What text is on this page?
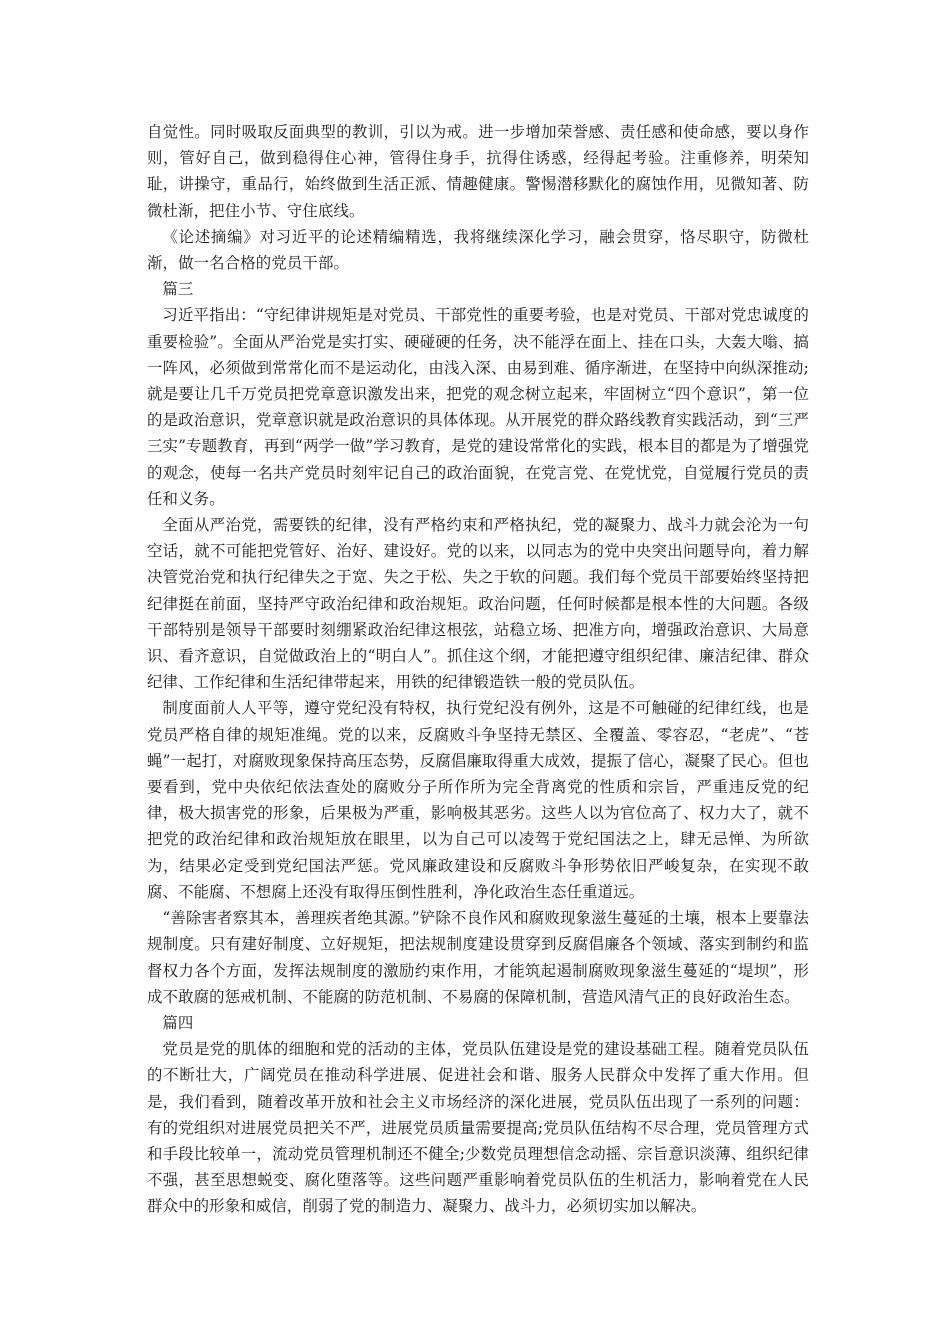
自觉性。同时吸取反面典型的教训，引以为戒。进一步增加荣誉感、责任感和使命感，要以身作则，管好自己，做到稳得住心神，管得住身手，抗得住诱惑，经得起考验。注重修养，明荣知耻，讲操守，重品行，始终做到生活正派、情趣健康。警惕潜移默化的腐蚀作用，见微知著、防微杜渐，把住小节、守住底线。

《论述摘编》对习近平的论述精编精选，我将继续深化学习，融会贯穿，恪尽职守，防微杜渐，做一名合格的党员干部。

篇三

习近平指出：“守纪律讲规矩是对党员、干部党性的重要考验，也是对党员、干部对党忠诚度的重要检验”。全面从严治党是实打实、硬碰硬的任务，决不能浮在面上、挂在口头，大轰大嗡、搞一阵风，必须做到常常化而不是运动化，由浅入深、由易到难、循序渐进，在坚持中向纵深推动;就是要让几千万党员把党章意识激发出来，把党的观念树立起来，牢固树立“四个意识”，第一位的是政治意识，党章意识就是政治意识的具体体现。从开展党的群众路线教育实践活动，到“三严三实”专题教育，再到“两学一做”学习教育，是党的建设常常化的实践，根本目的都是为了增强党的观念，使每一名共产党员时刻牢记自己的政治面貌，在党言党、在党忧党，自觉履行党员的责任和义务。

全面从严治党，需要铁的纪律，没有严格约束和严格执纪，党的凝聚力、战斗力就会沦为一句空话，就不可能把党管好、治好、建设好。党的以来，以同志为的党中央突出问题导向，着力解决管党治党和执行纪律失之于宽、失之于松、失之于软的问题。我们每个党员干部要始终坚持把纪律挺在前面，坚持严守政治纪律和政治规矩。政治问题，任何时候都是根本性的大问题。各级干部特别是领导干部要时刻绷紧政治纪律这根弦，站稳立场、把准方向，增强政治意识、大局意识、看齐意识，自觉做政治上的“明白人”。抓住这个纲，才能把遵守组织纪律、廉洁纪律、群众纪律、工作纪律和生活纪律带起来，用铁的纪律锻造铁一般的党员队伍。

制度面前人人平等，遵守党纪没有特权，执行党纪没有例外，这是不可触碰的纪律红线，也是党员严格自律的规矩准绳。党的以来，反腐败斗争坚持无禁区、全覆盖、零容忍，“老虎”、“苍蝇”一起打，对腐败现象保持高压态势，反腐倡廉取得重大成效，提振了信心，凝聚了民心。但也要看到，党中央依纪依法查处的腐败分子所作所为完全背离党的性质和宗旨，严重违反党的纪律，极大损害党的形象，后果极为严重，影响极其恶劣。这些人以为官位高了、权力大了，就不把党的政治纪律和政治规矩放在眼里，以为自己可以凌驾于党纪国法之上，肆无忌惮、为所欲为，结果必定受到党纪国法严惩。党风廉政建设和反腐败斗争形势依旧严峻复杂，在实现不敢腐、不能腐、不想腐上还没有取得压倒性胜利，净化政治生态任重道远。

“善除害者察其本，善理疾者绝其源。”铲除不良作风和腐败现象滋生蔓延的土壤，根本上要靠法规制度。只有建好制度、立好规矩，把法规制度建设贯穿到反腐倡廉各个领域、落实到制约和监督权力各个方面，发挥法规制度的激励约束作用，才能筑起遏制腐败现象滋生蔓延的“堤坝”，形成不敢腐的惩戒机制、不能腐的防范机制、不易腐的保障机制，营造风清气正的良好政治生态。

篇四

党员是党的肌体的细胞和党的活动的主体，党员队伍建设是党的建设基础工程。随着党员队伍的不断壮大，广阔党员在推动科学进展、促进社会和谐、服务人民群众中发挥了重大作用。但是，我们看到，随着改革开放和社会主义市场经济的深化进展，党员队伍出现了一系列的问题：有的党组织对进展党员把关不严，进展党员质量需要提高;党员队伍结构不尽合理，党员管理方式和手段比较单一，流动党员管理机制还不健全;少数党员理想信念动摇、宗旨意识淡薄、组织纪律不强，甚至思想蜕变、腐化堕落等。这些问题严重影响着党员队伍的生机活力，影响着党在人民群众中的形象和威信，削弱了党的制造力、凝聚力、战斗力，必须切实加以解决。
